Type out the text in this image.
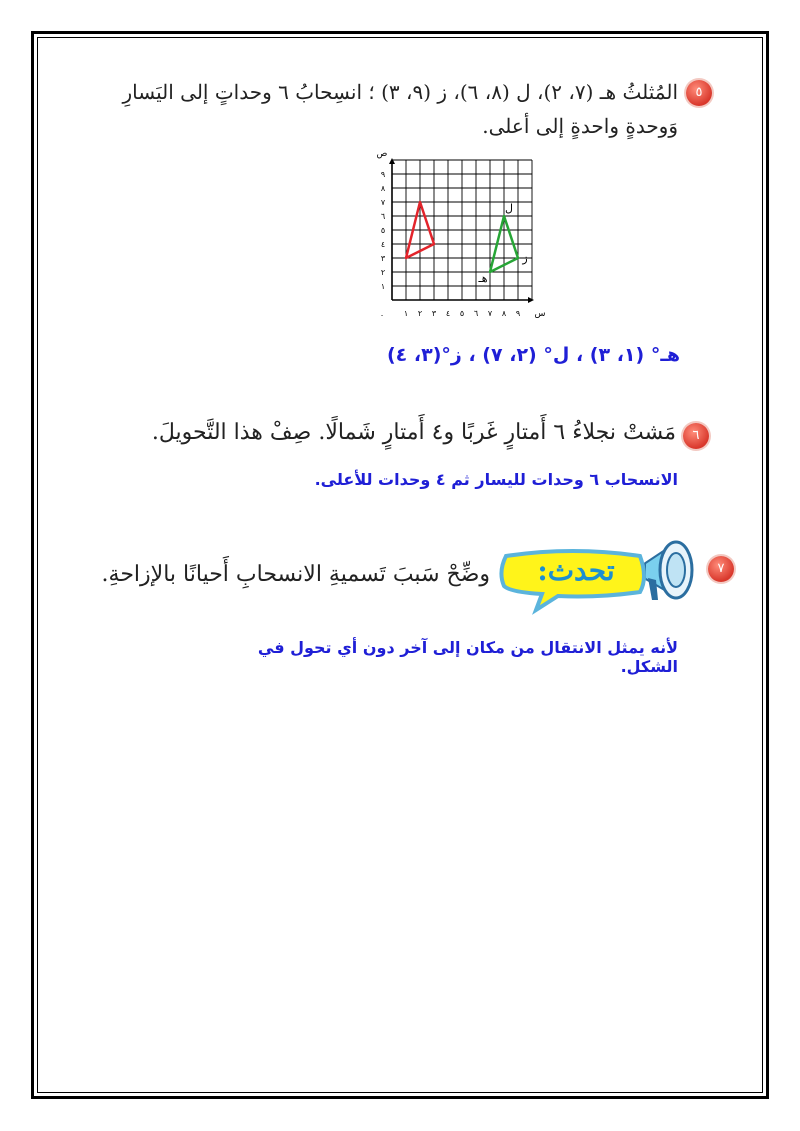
٥
المُثلثُ هـ (٧، ٢)، ل (٨، ٦)، ز (٩، ٣) ؛ انسِحابُ ٦ وحداتٍ إلى اليَسارِ
وَوحدةٍ واحدةٍ إلى أعلى.
١ ٢ ٣ ٤ ٥ ٦ ٧ ٨ ٩
١
٢
٣
٤
٥
٦
٧
٨
٩
٠	س
ص
هـ
ل
ز
هـ° (١، ٣) ، ل° (٢، ٧) ، ز°(٣، ٤)
٦
مَشتْ نجلاءُ ٦ أَمتارٍ غَربًا و٤ أَمتارٍ شَمالًا. صِفْ هذا التَّحويلَ.
الانسحاب ٦ وحدات لليسار ثم ٤ وحدات للأعلى.
٧
تحدث:
وضِّحْ سَببَ تَسميةِ الانسحابِ أَحيانًا بالإزاحةِ.
لأنه يمثل الانتقال من مكان إلى آخر دون أي تحول في الشكل.
